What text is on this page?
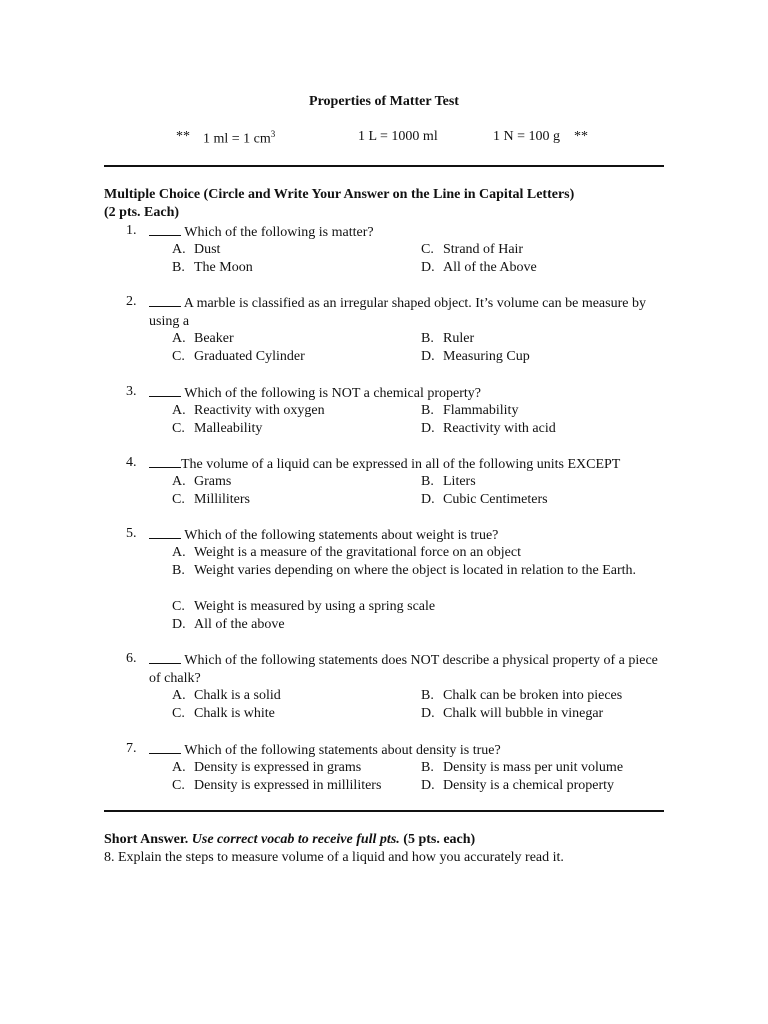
Properties of Matter Test
** 1 ml = 1 $cm^3$	1 L = 1000 ml	1 N = 100 g **
Multiple Choice (Circle and Write Your Answer on the Line in Capital Letters)
(2 pts. Each)
1.	Which of the following is matter?
A. Dust	C. Strand of Hair
B. The Moon	D. All of the Above
2.	A marble is classified as an irregular shaped object. It’s volume can be measure by using a
A. Beaker	B. Ruler
C. Graduated Cylinder	D. Measuring Cup
3.	Which of the following is NOT a chemical property?
A. Reactivity with oxygen	B. Flammability
C. Malleability	D. Reactivity with acid
4.	The volume of a liquid can be expressed in all of the following units EXCEPT
A. Grams	B. Liters
C. Milliliters	D. Cubic Centimeters
5.	Which of the following statements about weight is true?
A. Weight is a measure of the gravitational force on an object
B. Weight varies depending on where the object is located in relation to the Earth.
C. Weight is measured by using a spring scale
D. All of the above
6.	Which of the following statements does NOT describe a physical property of a piece of chalk?
A. Chalk is a solid	B. Chalk can be broken into pieces
C. Chalk is white	D. Chalk will bubble in vinegar
7.	Which of the following statements about density is true?
A. Density is expressed in grams	B. Density is mass per unit volume
C. Density is expressed in milliliters	D. Density is a chemical property
Short Answer. Use correct vocab to receive full pts. (5 pts. each)
8. Explain the steps to measure volume of a liquid and how you accurately read it.
